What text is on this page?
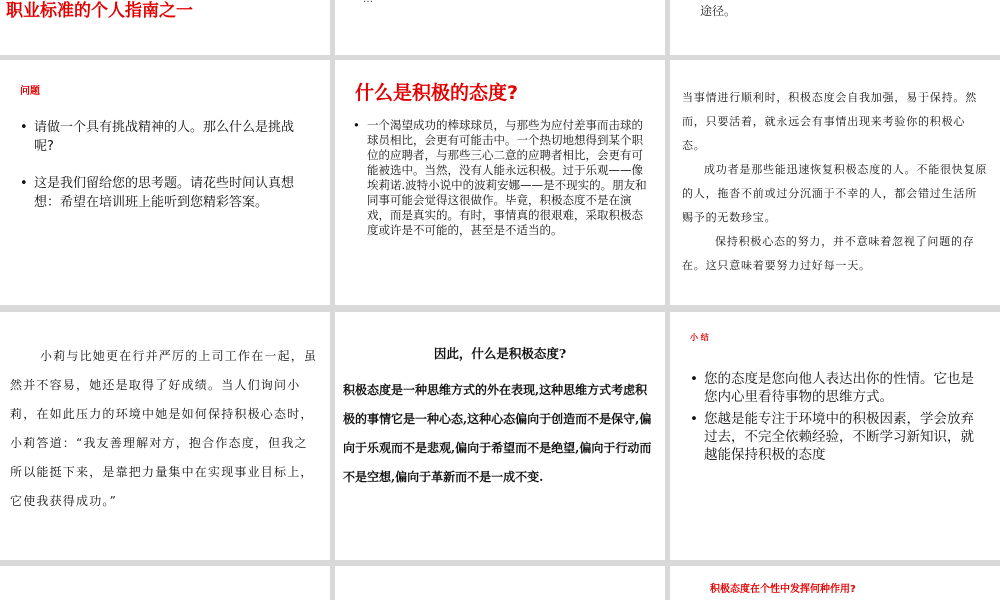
职业标准的个人指南之一	途径。
问题
• 请做一个具有挑战精神的人。那么什么是挑战呢?
• 这是我们留给您的思考题。请花些时间认真想想：希望在培训班上能听到您精彩答案。
什么是积极的态度?
• 一个渴望成功的棒球球员，与那些为应付差事而击球的球员相比，会更有可能击中。一个热切地想得到某个职位的应聘者，与那些三心二意的应聘者相比，会更有可能被选中。当然，没有人能永远积极。过于乐观——像埃莉诺.波特小说中的波莉安娜——是不现实的。朋友和同事可能会觉得这很做作。毕竟，积极态度不是在演戏，而是真实的。有时，事情真的很艰难，采取积极态度或许是不可能的，甚至是不适当的。
当事情进行顺利时，积极态度会自我加强，易于保持。然而，只要活着，就永远会有事情出现来考验你的积极心态。
成功者是那些能迅速恢复积极态度的人。不能很快复原的人，拖沓不前或过分沉湎于不幸的人，都会错过生活所赐予的无数珍宝。
保持积极心态的努力，并不意味着忽视了问题的存在。这只意味着要努力过好每一天。
小莉与比她更在行并严厉的上司工作在一起，虽然并不容易，她还是取得了好成绩。当人们询问小莉，在如此压力的环境中她是如何保持积极心态时，小莉答道：“我友善理解对方，抱合作态度，但我之所以能挺下来，是靠把力量集中在实现事业目标上，它使我获得成功。”
因此，什么是积极态度?
积极态度是一种思维方式的外在表现,这种思维方式考虑积极的事情它是一种心态,这种心态偏向于创造而不是保守,偏向于乐观而不是悲观,偏向于希望而不是绝望,偏向于行动而不是空想,偏向于革新而不是一成不变.
小 结
• 您的态度是您向他人表达出你的性情。它也是您内心里看待事物的思维方式。
• 您越是能专注于环境中的积极因素，学会放弃过去，不完全依赖经验，不断学习新知识，就越能保持积极的态度
积极态度在个性中发挥何种作用?
